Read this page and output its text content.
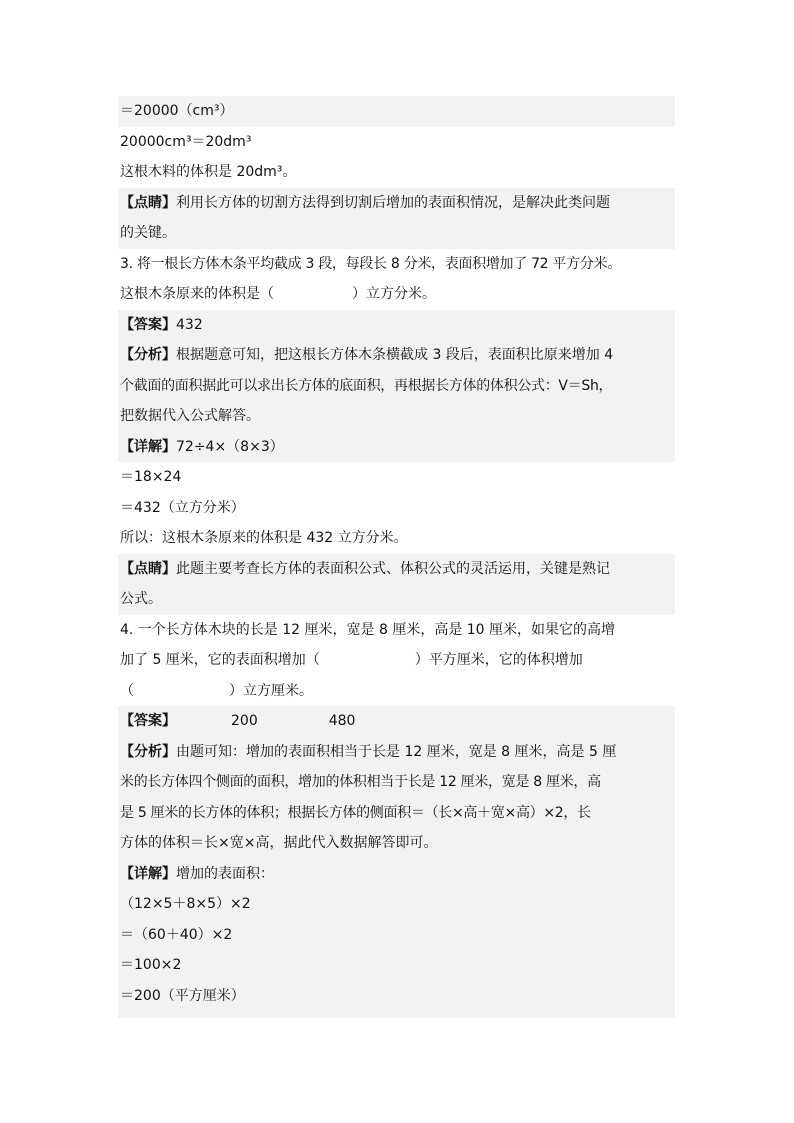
＝20000（cm³）
20000cm³＝20dm³
这根木料的体积是 20dm³。
【点睛】利用长方体的切割方法得到切割后增加的表面积情况，是解决此类问题
的关键。
3. 将一根长方体木条平均截成 3 段，每段长 8 分米，表面积增加了 72 平方分米。
这根木条原来的体积是（	）立方分米。
【答案】432
【分析】根据题意可知，把这根长方体木条横截成 3 段后，表面积比原来增加 4
个截面的面积据此可以求出长方体的底面积，再根据长方体的体积公式：V＝Sh，
把数据代入公式解答。
【详解】72÷4×（8×3）
＝18×24
＝432（立方分米）
所以：这根木条原来的体积是 432 立方分米。
【点睛】此题主要考查长方体的表面积公式、体积公式的灵活运用，关键是熟记
公式。
4. 一个长方体木块的长是 12 厘米，宽是 8 厘米，高是 10 厘米，如果它的高增
加了 5 厘米，它的表面积增加（	）平方厘米，它的体积增加
（	）立方厘米。
【答案】	200	480
【分析】由题可知：增加的表面积相当于长是 12 厘米，宽是 8 厘米，高是 5 厘
米的长方体四个侧面的面积，增加的体积相当于长是 12 厘米，宽是 8 厘米，高
是 5 厘米的长方体的体积；根据长方体的侧面积＝（长×高＋宽×高）×2，长
方体的体积＝长×宽×高，据此代入数据解答即可。
【详解】增加的表面积：
（12×5＋8×5）×2
＝（60＋40）×2
＝100×2
＝200（平方厘米）
